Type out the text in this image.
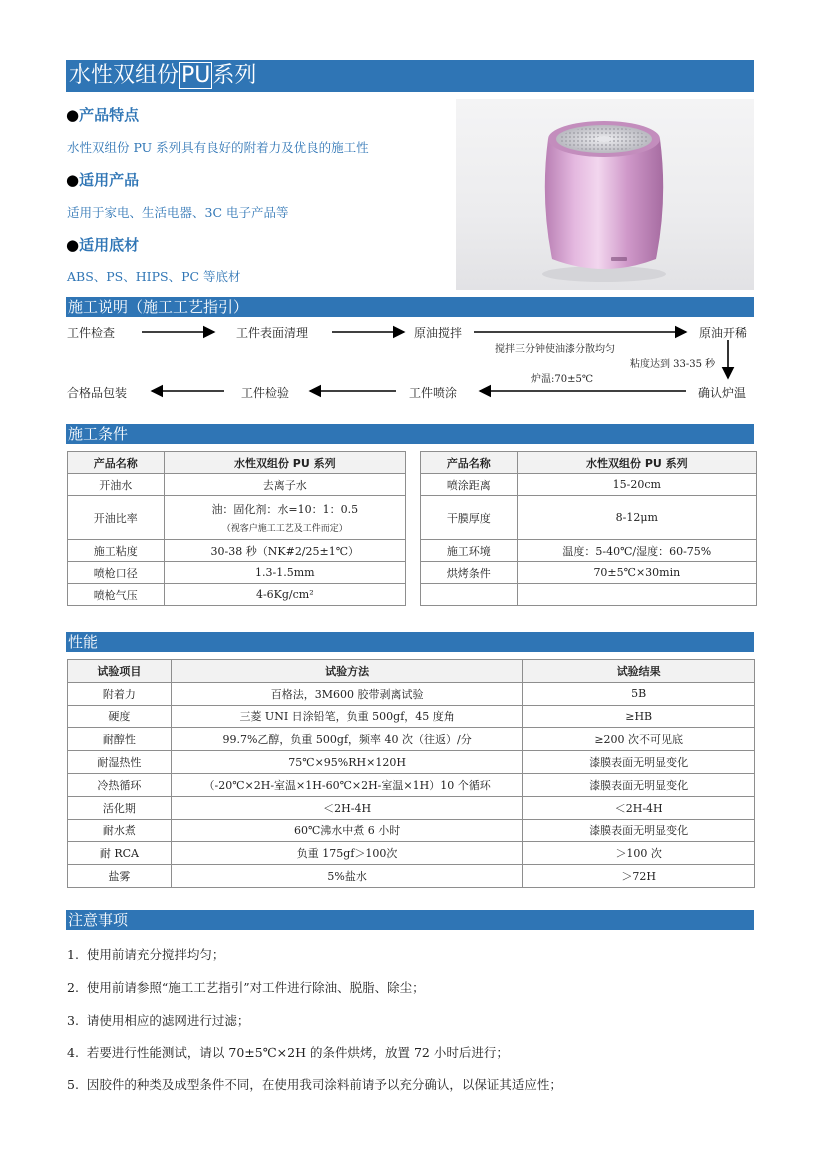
水性双组份PU系列
●产品特点
水性双组份 PU 系列具有良好的附着力及优良的施工性
●适用产品
适用于家电、生活电器、3C 电子产品等
●适用底材
ABS、PS、HIPS、PC 等底材
施工说明（施工工艺指引）
工件检查	工件表面清理	原油搅拌	原油开稀
确认炉温
工件喷涂
工件检验
合格品包装
搅拌三分钟使油漆分散均匀
粘度达到 33-35 秒
炉温:70±5℃
施工条件
产品名称	水性双组份 PU 系列
开油水	去离子水
开油比率	油：固化剂：水=10：1：0.5
（视客户施工工艺及工件而定）

施工粘度	30-38 秒（NK#2/25±1℃）
喷枪口径	1.3-1.5mm
喷枪气压	4-6Kg/cm²
产品名称	水性双组份 PU 系列
喷涂距离	15-20cm
干膜厚度	8-12μm
施工环境	温度：5-40℃/湿度：60-75%
烘烤条件	70±5℃×30min

性能
试验项目	试验方法	试验结果
附着力	百格法，3M600 胶带剥离试验	5B
硬度	三菱 UNI 日涂铅笔，负重 500gf，45 度角	≥HB
耐醇性	99.7%乙醇，负重 500gf，频率 40 次（往返）/分	≥200 次不可见底
耐湿热性	75℃×95%RH×120H	漆膜表面无明显变化
冷热循环	（-20℃×2H-室温×1H-60℃×2H-室温×1H）10 个循环	漆膜表面无明显变化
活化期	＜2H-4H	＜2H-4H
耐水煮	60℃沸水中煮 6 小时	漆膜表面无明显变化
耐 RCA	负重 175gf＞100次	＞100 次
盐雾	5%盐水	＞72H
注意事项
1. 使用前请充分搅拌均匀；
2. 使用前请参照“施工工艺指引”对工件进行除油、脱脂、除尘；
3. 请使用相应的滤网进行过滤；
4. 若要进行性能测试，请以 70±5℃×2H 的条件烘烤，放置 72 小时后进行；
5. 因胶件的种类及成型条件不同，在使用我司涂料前请予以充分确认，以保证其适应性；
